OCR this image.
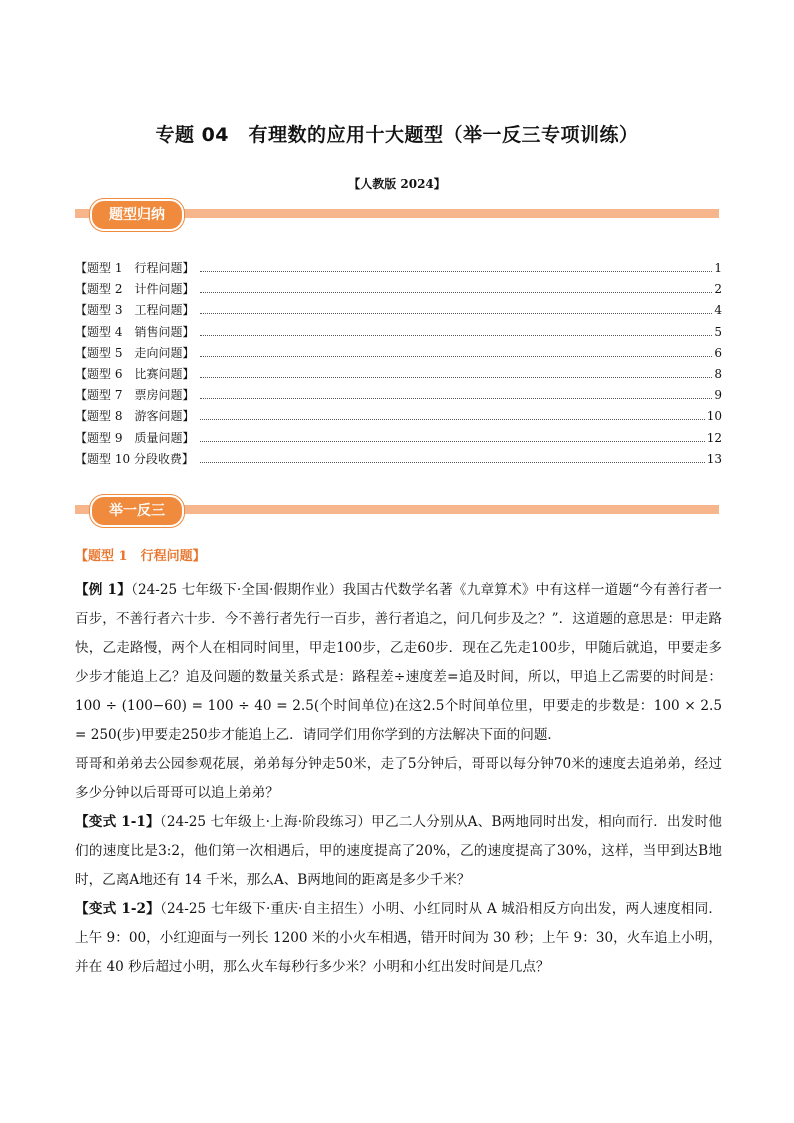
专题 04　有理数的应用十大题型（举一反三专项训练）
【人教版 2024】
题型归纳
【题型 1　行程问题】	1
【题型 2　计件问题】	2
【题型 3　工程问题】	4
【题型 4　销售问题】	5
【题型 5　走向问题】	6
【题型 6　比赛问题】	8
【题型 7　票房问题】	9
【题型 8　游客问题】	10
【题型 9　质量问题】	12
【题型 10 分段收费】	13
举一反三
【题型 1　行程问题】

【例 1】（24-25 七年级下·全国·假期作业）我国古代数学名著《九章算术》中有这样一道题“今有善行者一百步，不善行者六十步．今不善行者先行一百步，善行者追之，问几何步及之？”．这道题的意思是：甲走路快，乙走路慢，两个人在相同时间里，甲走100步，乙走60步．现在乙先走100步，甲随后就追，甲要走多少步才能追上乙？追及问题的数量关系式是：路程差÷速度差=追及时间，所以，甲追上乙需要的时间是：100 ÷ (100−60) = 100 ÷ 40 = 2.5(个时间单位)在这2.5个时间单位里，甲要走的步数是：100 × 2.5 = 250(步)甲要走250步才能追上乙．请同学们用你学到的方法解决下面的问题．

哥哥和弟弟去公园参观花展，弟弟每分钟走50米，走了5分钟后，哥哥以每分钟70米的速度去追弟弟，经过多少分钟以后哥哥可以追上弟弟？

【变式 1-1】（24-25 七年级上·上海·阶段练习）甲乙二人分别从A、B两地同时出发，相向而行．出发时他们的速度比是3:2，他们第一次相遇后，甲的速度提高了20%，乙的速度提高了30%，这样，当甲到达B地时，乙离A地还有 14 千米，那么A、B两地间的距离是多少千米？

【变式 1-2】（24-25 七年级下·重庆·自主招生）小明、小红同时从 A 城沿相反方向出发，两人速度相同．上午 9：00，小红迎面与一列长 1200 米的小火车相遇，错开时间为 30 秒；上午 9：30，火车追上小明，并在 40 秒后超过小明，那么火车每秒行多少米？小明和小红出发时间是几点？
